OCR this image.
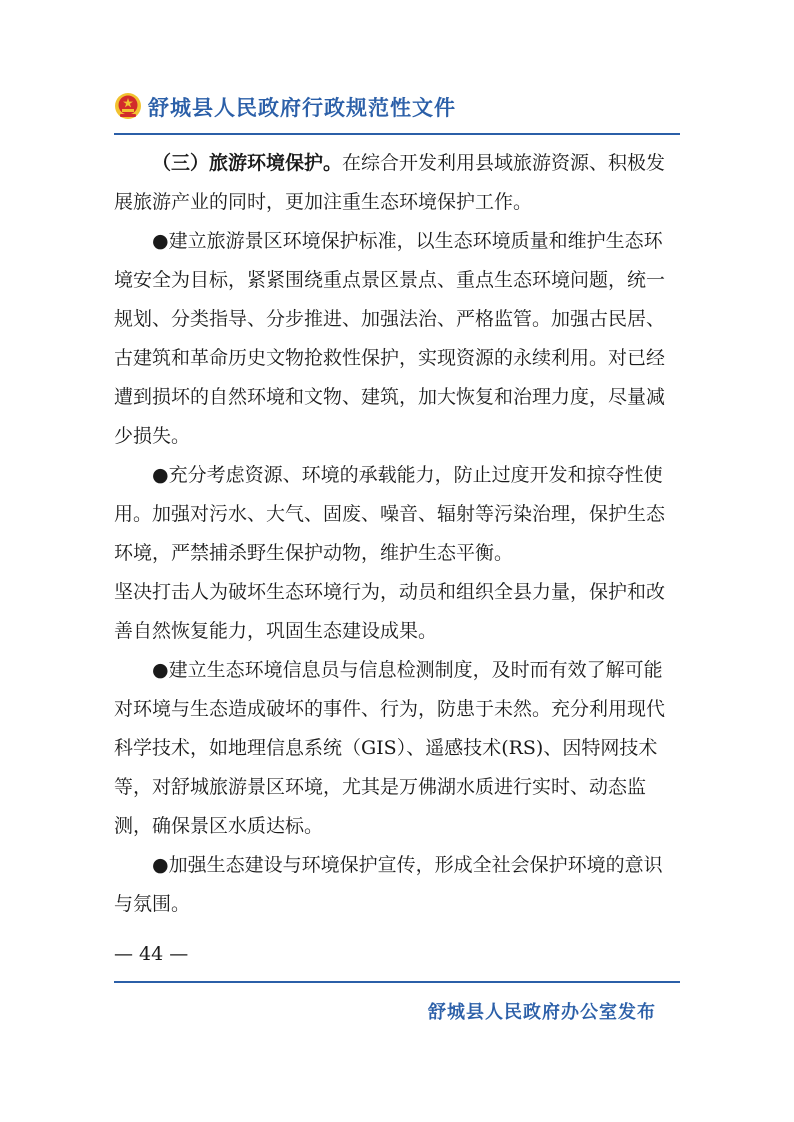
舒城县人民政府行政规范性文件

（三）旅游环境保护。在综合开发利用县域旅游资源、积极发展旅游产业的同时，更加注重生态环境保护工作。

●建立旅游景区环境保护标准，以生态环境质量和维护生态环境安全为目标，紧紧围绕重点景区景点、重点生态环境问题，统一规划、分类指导、分步推进、加强法治、严格监管。加强古民居、古建筑和革命历史文物抢救性保护，实现资源的永续利用。对已经遭到损坏的自然环境和文物、建筑，加大恢复和治理力度，尽量减少损失。

●充分考虑资源、环境的承载能力，防止过度开发和掠夺性使用。加强对污水、大气、固废、噪音、辐射等污染治理，保护生态环境，严禁捕杀野生保护动物，维护生态平衡。

坚决打击人为破坏生态环境行为，动员和组织全县力量，保护和改善自然恢复能力，巩固生态建设成果。

●建立生态环境信息员与信息检测制度，及时而有效了解可能对环境与生态造成破坏的事件、行为，防患于未然。充分利用现代科学技术，如地理信息系统（GIS）、遥感技术(RS)、因特网技术等，对舒城旅游景区环境，尤其是万佛湖水质进行实时、动态监测，确保景区水质达标。

●加强生态建设与环境保护宣传，形成全社会保护环境的意识与氛围。

— 44 —
舒城县人民政府办公室发布
